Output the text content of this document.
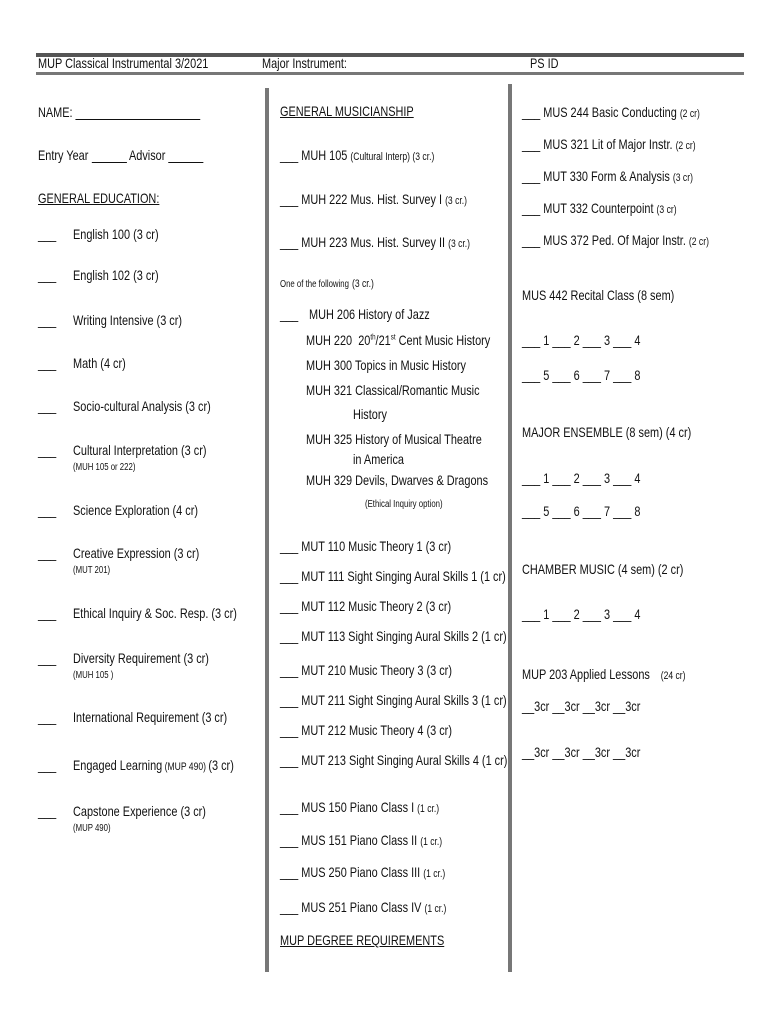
MUP Classical Instrumental 3/2021	Major Instrument:	PS ID
NAME:
Entry Year	Advisor
GENERAL EDUCATION:
___ English 100 (3 cr)
___ English 102 (3 cr)
___ Writing Intensive (3 cr)
___ Math (4 cr)
___ Socio-cultural Analysis (3 cr)
___ Cultural Interpretation (3 cr)
(MUH 105 or 222)
___ Science Exploration (4 cr)
___ Creative Expression (3 cr)
(MUT 201)
___ Ethical Inquiry & Soc. Resp. (3 cr)
___ Diversity Requirement (3 cr)
(MUH 105 )
___ International Requirement (3 cr)
___ Engaged Learning (MUP 490) (3 cr)
___ Capstone Experience (3 cr)
(MUP 490)
GENERAL MUSICIANSHIP
___ MUH 105 (Cultural Interp) (3 cr.)
___ MUH 222 Mus. Hist. Survey I (3 cr.)
___ MUH 223 Mus. Hist. Survey II (3 cr.)
One of the following (3 cr.)
___ MUH 206 History of Jazz
MUH 220  20th/21st Cent Music History
MUH 300 Topics in Music History
MUH 321 Classical/Romantic Music
History
MUH 325 History of Musical Theatre
in America
MUH 329 Devils, Dwarves & Dragons
(Ethical Inquiry option)
___ MUT 110 Music Theory 1 (3 cr)
___ MUT 111 Sight Singing Aural Skills 1 (1 cr)
___ MUT 112 Music Theory 2 (3 cr)
___ MUT 113 Sight Singing Aural Skills 2 (1 cr)
___ MUT 210 Music Theory 3 (3 cr)
___ MUT 211 Sight Singing Aural Skills 3 (1 cr)
___ MUT 212 Music Theory 4 (3 cr)
___ MUT 213 Sight Singing Aural Skills 4 (1 cr)
___ MUS 150 Piano Class I (1 cr.)
___ MUS 151 Piano Class II (1 cr.)
___ MUS 250 Piano Class III (1 cr.)
___ MUS 251 Piano Class IV (1 cr.)
MUP DEGREE REQUIREMENTS
___ MUS 244 Basic Conducting (2 cr)
___ MUS 321 Lit of Major Instr. (2 cr)
___ MUT 330 Form & Analysis (3 cr)
___ MUT 332 Counterpoint (3 cr)
___ MUS 372 Ped. Of Major Instr. (2 cr)
MUS 442 Recital Class (8 sem)
___ 1 ___ 2 ___ 3 ___ 4
___ 5 ___ 6 ___ 7 ___ 8
MAJOR ENSEMBLE (8 sem) (4 cr)
___ 1 ___ 2 ___ 3 ___ 4
___ 5 ___ 6 ___ 7 ___ 8
CHAMBER MUSIC (4 sem) (2 cr)
___ 1 ___ 2 ___ 3 ___ 4
MUP 203 Applied Lessons (24 cr)
__3cr __3cr __3cr __3cr
__3cr __3cr __3cr __3cr
